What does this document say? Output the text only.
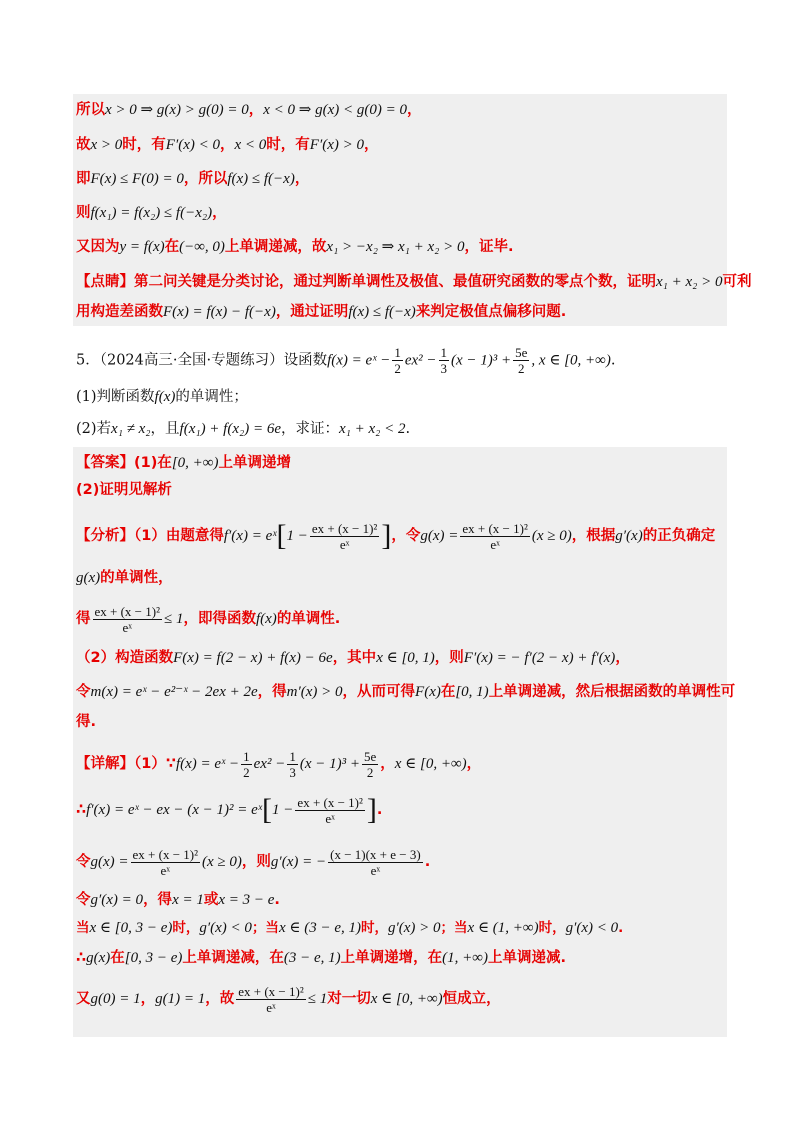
所以x > 0 ⇒ g(x) > g(0) = 0，x < 0 ⇒ g(x) < g(0) = 0，
故x > 0时，有F′(x) < 0，x < 0时，有F′(x) > 0，
即F(x) ≤ F(0) = 0，所以f(x) ≤ f(−x)，
则f(x₁) = f(x₂) ≤ f(−x₂)，
又因为y = f(x)在(−∞, 0)上单调递减，故x₁ > −x₂ ⇒ x₁ + x₂ > 0，证毕.
【点睛】第二问关键是分类讨论，通过判断单调性及极值、最值研究函数的零点个数，证明x₁ + x₂ > 0可利
用构造差函数F(x) = f(x) − f(−x)，通过证明f(x) ≤ f(−x)来判定极值点偏移问题.
5．（2024高三·全国·专题练习）设函数f(x) = eˣ − $\frac{1}{2} ex^2 - \frac{1}{3} (x - 1)^3 + \frac{5e}{2}$ , x ∈ [0, +∞).
(1)判断函数f(x)的单调性；
(2)若x₁ ≠ x₂，且f(x₁) + f(x₂) = 6e，求证：x₁ + x₂ < 2.
【答案】(1)在[0, +∞)上单调递增
(2)证明见解析
【分析】（1）由题意得f′(x) = eˣ[1 − $\frac{\text{ex + (x − 1)²}}{\text{eˣ}}$ ]，令$g(x) = \frac{\text{ex + (x − 1)²}}{\text{eˣ}} (x \ge 0)$，根据g′(x)的正负确定
g(x)的单调性，
得 $\frac{\text{ex + (x − 1)²}}{\text{eˣ}} \le 1$，即得函数f(x)的单调性.
（2）构造函数F(x) = f(2 − x) + f(x) − 6e，其中x ∈ [0, 1)，则F′(x) = − f′(2 − x) + f′(x)，
令m(x) = eˣ − e²⁻ˣ − 2ex + 2e，得m′(x) > 0，从而可得F(x)在[0, 1)上单调递减，然后根据函数的单调性可
得.
【详解】（1）∵f(x) = eˣ − $\frac{1}{2} ex^2 - \frac{1}{3} (x - 1)^3 + \frac{5e}{2}$ ，x ∈ [0, +∞)，
∴f′(x) = eˣ − ex − (x − 1)² = eˣ[1 − $\frac{\text{ex + (x − 1)²}}{\text{eˣ}}$ ].
令$g(x) = \frac{\text{ex + (x − 1)²}}{\text{eˣ}} (x \ge 0)$，则g′(x) = − $\frac{(x - 1)(x + e - 3)}{\text{eˣ}}$ .
令g′(x) = 0，得x = 1或x = 3 − e.
当x ∈ [0, 3 − e)时，g′(x) < 0；当x ∈ (3 − e, 1)时，g′(x) > 0；当x ∈ (1, +∞)时，g′(x) < 0.
∴g(x)在[0, 3 − e)上单调递减，在(3 − e, 1)上单调递增，在(1, +∞)上单调递减.
又g(0) = 1，g(1) = 1，故 $\frac{\text{ex + (x − 1)²}}{\text{eˣ}} \le 1$对一切x ∈ [0, +∞)恒成立，
